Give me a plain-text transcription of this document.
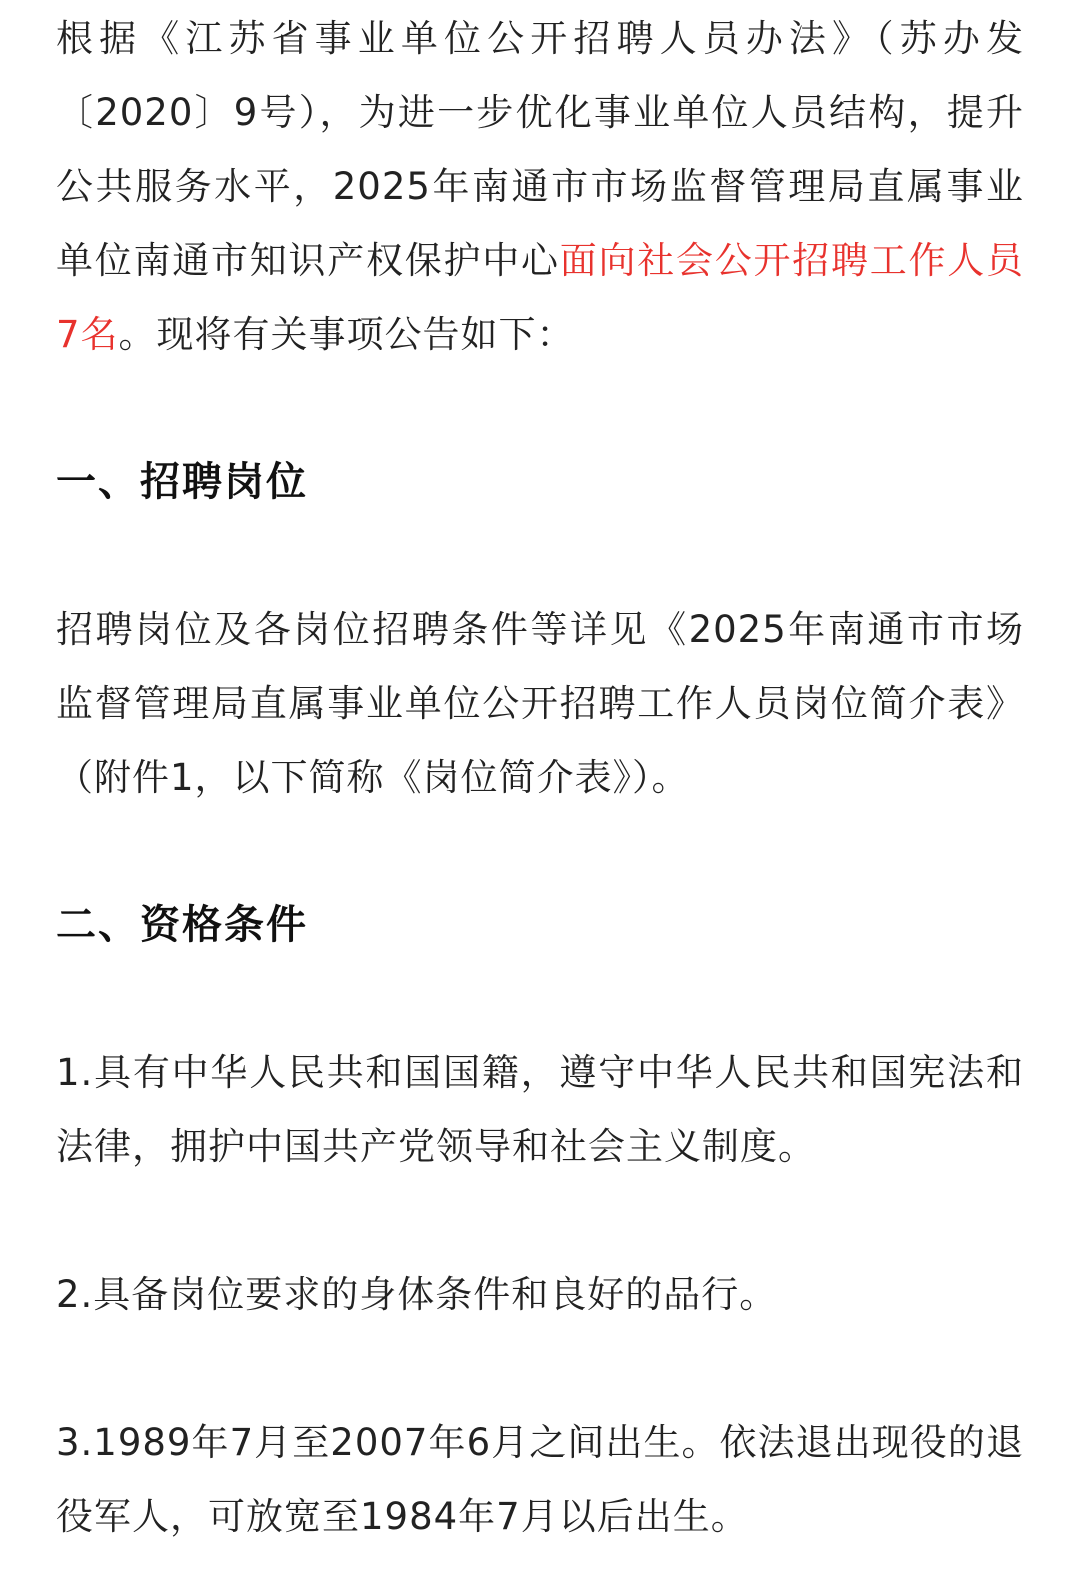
根据《江苏省事业单位公开招聘人员办法》（苏办发〔2020〕9号），为进一步优化事业单位人员结构，提升公共服务水平，2025年南通市市场监督管理局直属事业单位南通市知识产权保护中心面向社会公开招聘工作人员7名。现将有关事项公告如下：

一、招聘岗位

招聘岗位及各岗位招聘条件等详见《2025年南通市市场监督管理局直属事业单位公开招聘工作人员岗位简介表》（附件1，以下简称《岗位简介表》）。

二、资格条件

1.具有中华人民共和国国籍，遵守中华人民共和国宪法和法律，拥护中国共产党领导和社会主义制度。

2.具备岗位要求的身体条件和良好的品行。

3.1989年7月至2007年6月之间出生。依法退出现役的退役军人，可放宽至1984年7月以后出生。
